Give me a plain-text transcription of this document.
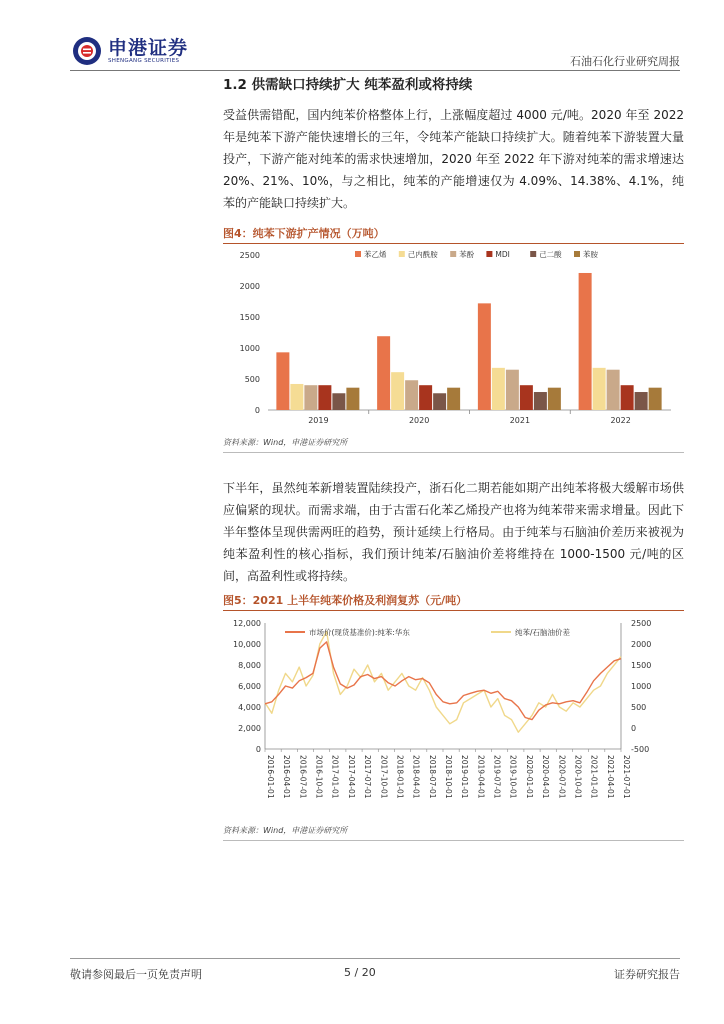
申港证券
SHENGANG SECURITIES	石油石化行业研究周报
1.2 供需缺口持续扩大 纯苯盈利或将持续
受益供需错配，国内纯苯价格整体上行，上涨幅度超过 4000 元/吨。2020 年至 2022 年是纯苯下游产能快速增长的三年，令纯苯产能缺口持续扩大。随着纯苯下游装置大量投产，下游产能对纯苯的需求快速增加，2020 年至 2022 年下游对纯苯的需求增速达 20%、21%、10%，与之相比，纯苯的产能增速仅为 4.09%、14.38%、4.1%，纯苯的产能缺口持续扩大。
图4：纯苯下游扩产情况（万吨）
0
500
1000
1500
2000
2500
2019	2020	2021	2022
苯乙烯	己内酰胺	苯酚	MDI	己二酸	苯胺
资料来源：Wind，申港证券研究所
下半年，虽然纯苯新增装置陆续投产，浙石化二期若能如期产出纯苯将极大缓解市场供应偏紧的现状。而需求端，由于古雷石化苯乙烯投产也将为纯苯带来需求增量。因此下半年整体呈现供需两旺的趋势，预计延续上行格局。由于纯苯与石脑油价差历来被视为纯苯盈利性的核心指标，我们预计纯苯/石脑油价差将维持在 1000-1500 元/吨的区间，高盈利性或将持续。
图5：2021 上半年纯苯价格及利润复苏（元/吨）
0
2,000
4,000
6,000
8,000
10,000
12,000
-500
0
500
1000
1500
2000
2500
2016-01-01 2016-04-01 2016-07-01 2016-10-01 2017-01-01 2017-04-01 2017-07-01 2017-10-01 2018-01-01 2018-04-01 2018-07-01 2018-10-01 2019-01-01 2019-04-01 2019-07-01 2019-10-01 2020-01-01 2020-04-01 2020-07-01 2020-10-01 2021-01-01 2021-04-01 2021-07-01
市场价(现货基准价):纯苯:华东	纯苯/石脑油价差
资料来源：Wind，申港证券研究所
敬请参阅最后一页免责声明	5 / 20	证券研究报告
